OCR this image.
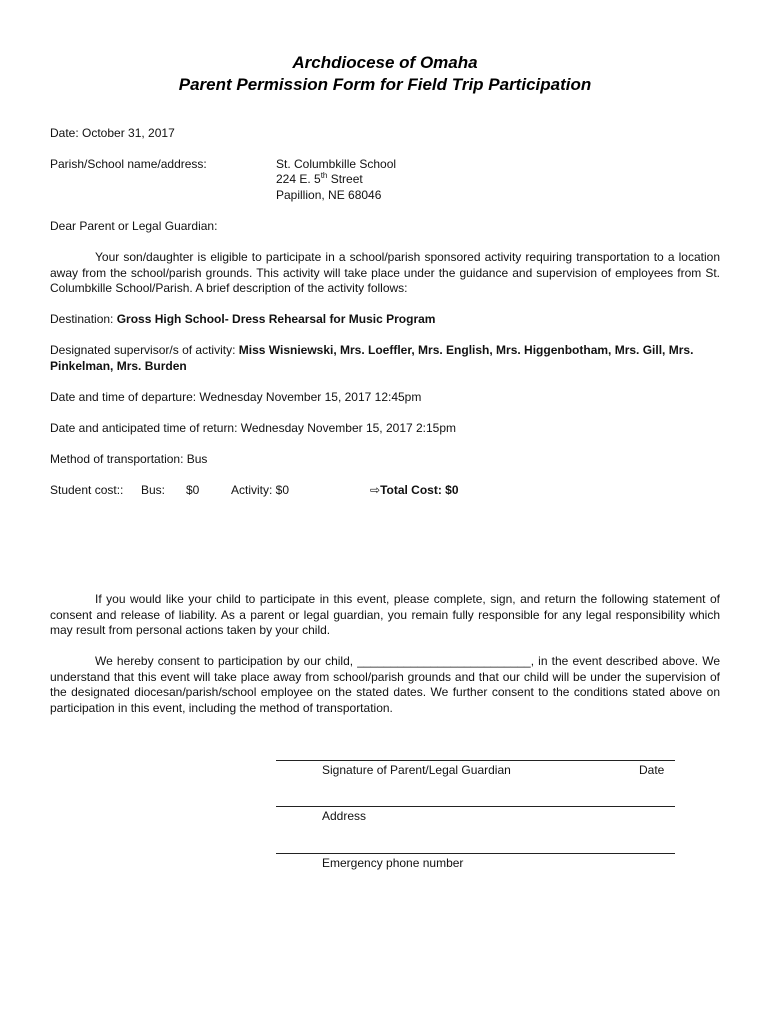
Archdiocese of Omaha
Parent Permission Form for Field Trip Participation
Date: October 31, 2017
Parish/School name/address:	St. Columbkille School
224 E. 5th Street
Papillion, NE 68046
Dear Parent or Legal Guardian:
Your son/daughter is eligible to participate in a school/parish sponsored activity requiring transportation to a location away from the school/parish grounds. This activity will take place under the guidance and supervision of employees from St. Columbkille School/Parish. A brief description of the activity follows:
Destination: Gross High School- Dress Rehearsal for Music Program
Designated supervisor/s of activity: Miss Wisniewski, Mrs. Loeffler, Mrs. English, Mrs. Higgenbotham, Mrs. Gill, Mrs. Pinkelman, Mrs. Burden
Date and time of departure: Wednesday November 15, 2017 12:45pm
Date and anticipated time of return: Wednesday November 15, 2017 2:15pm
Method of transportation: Bus
Student cost:: Bus: $0	Activity: $0	⇨Total Cost: $0
If you would like your child to participate in this event, please complete, sign, and return the following statement of consent and release of liability. As a parent or legal guardian, you remain fully responsible for any legal responsibility which may result from personal actions taken by your child.
We hereby consent to participation by our child, __________________________, in the event described above. We understand that this event will take place away from school/parish grounds and that our child will be under the supervision of the designated diocesan/parish/school employee on the stated dates. We further consent to the conditions stated above on participation in this event, including the method of transportation.
Signature of Parent/Legal Guardian	Date
Address
Emergency phone number
